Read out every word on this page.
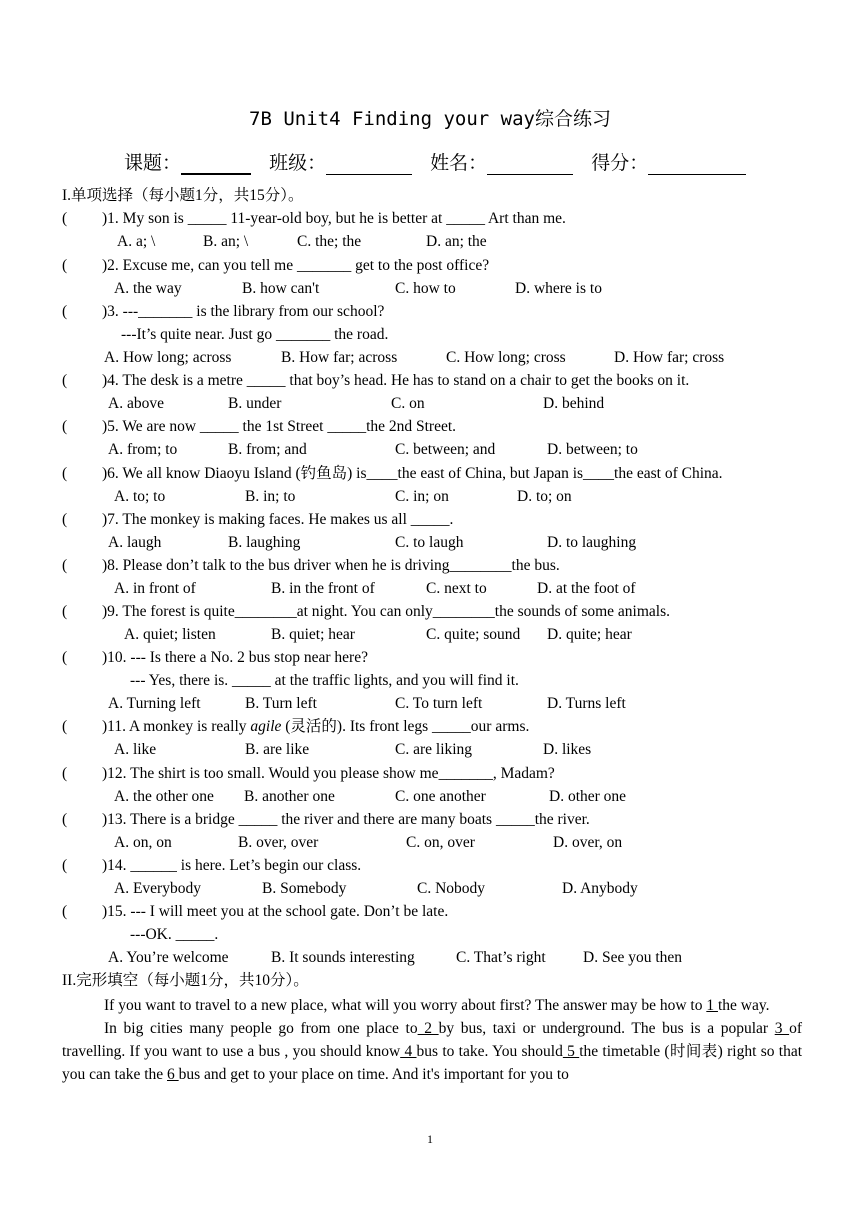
7B Unit4 Finding your way综合练习
课题：	班级：	姓名：	得分：
I.单项选择（每小题1分，共15分）。
( )1. My son is _____ 11-year-old boy, but he is better at _____ Art than me.
A. a; \	B. an; \	C. the; the	D. an; the
( )2. Excuse me, can you tell me _______ get to the post office?
A. the way	B. how can't	C. how to	D. where is to
( )3. ---_______ is the library from our school?
---It’s quite near. Just go _______ the road.
A. How long; across	B. How far; across	C. How long; cross	D. How far; cross
( )4. The desk is a metre _____ that boy’s head. He has to stand on a chair to get the books on it.
A. above	B. under	C. on	D. behind
( )5. We are now _____ the 1st Street _____the 2nd Street.
A. from; to	B. from; and	C. between; and	D. between; to
( )6. We all know Diaoyu Island (钓鱼岛) is____the east of China, but Japan is____the east of China.
A. to; to	B. in; to	C. in; on	D. to; on
( )7. The monkey is making faces. He makes us all _____.
A. laugh	B. laughing	C. to laugh	D. to laughing
( )8. Please don’t talk to the bus driver when he is driving________the bus.
A. in front of	B. in the front of	C. next to	D. at the foot of
( )9. The forest is quite________at night. You can only________the sounds of some animals.
A. quiet; listen	B. quiet; hear	C. quite; sound D. quite; hear
( )10. --- Is there a No. 2 bus stop near here?
--- Yes, there is. _____ at the traffic lights, and you will find it.
A. Turning left	B. Turn left	C. To turn left	D. Turns left
( )11. A monkey is really agile (灵活的). Its front legs _____our arms.
A. like	B. are like	C. are liking	D. likes
( )12. The shirt is too small. Would you please show me_______, Madam?
A. the other one B. another one	C. one another	D. other one
( )13. There is a bridge _____ the river and there are many boats _____the river.
A. on, on	B. over, over	C. on, over	D. over, on
( )14. ______ is here. Let’s begin our class.
A. Everybody	B. Somebody	C. Nobody	D. Anybody
( )15. --- I will meet you at the school gate. Don’t be late.
---OK. _____.
A. You’re welcome	B. It sounds interesting	C. That’s right D. See you then
II.完形填空（每小题1分，共10分）。

If you want to travel to a new place, what will you worry about first? The answer may be how to 1 the way.

In big cities many people go from one place to 2 by bus, taxi or underground. The bus is a popular 3 of travelling. If you want to use a bus , you should know 4 bus to take. You should 5 the timetable (时间表) right so that you can take the 6 bus and get to your place on time. And it's important for you to

1
